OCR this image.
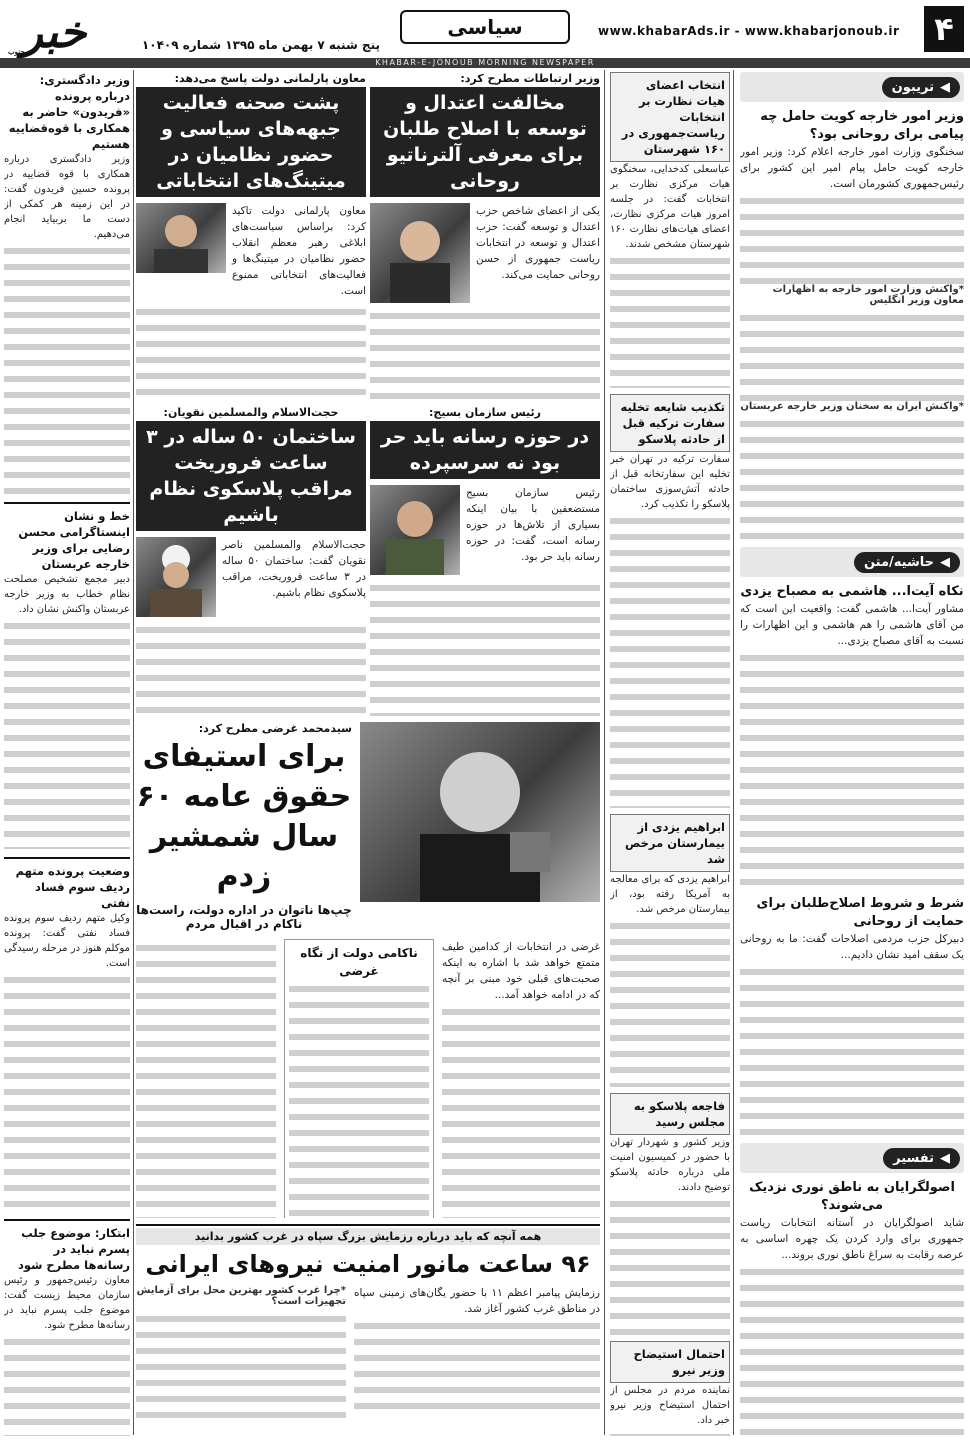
۴
www.khabarAds.ir - www.khabarjonoub.ir
سیاسی
پنج شنبه ۷ بهمن ماه ۱۳۹۵ شماره ۱۰۴۰۹
خبر
جنوب
KHABAR-E-JONOUB MORNING NEWSPAPER
◀
تریبون
وزیر امور خارجه کویت حامل چه پیامی برای روحانی بود؟
سخنگوی وزارت امور خارجه اعلام کرد: وزیر امور خارجه کویت حامل پیام امیر این کشور برای رئیس‌جمهوری کشورمان است.
*واکنش وزارت امور خارجه به اظهارات معاون وزیر انگلیس
*واکنش ایران به سخنان وزیر خارجه عربستان
◀
حاشیه/متن
نکاه آیت‌ا... هاشمی به مصباح یزدی
مشاور آیت‌ا... هاشمی گفت: واقعیت این است که من آقای هاشمی را هم هاشمی و این اظهارات را نسبت به آقای مصباح یزدی...
شرط و شروط اصلاح‌طلبان برای حمایت از روحانی
دبیرکل حزب مردمی اصلاحات گفت: ما به روحانی یک سقف امید نشان دادیم...
◀
تفسیر
اصولگرایان به ناطق نوری نزدیک می‌شوند؟
شاید اصولگرایان در آستانه انتخابات ریاست جمهوری برای وارد کردن یک چهره اساسی به عرصه رقابت به سراغ ناطق نوری بروند...
انتخاب اعضای هیات نظارت بر انتخابات ریاست‌جمهوری در ۱۶۰ شهرستان
عباسعلی کدخدایی، سخنگوی هیات مرکزی نظارت بر انتخابات گفت: در جلسه امروز هیات مرکزی نظارت، اعضای هیات‌های نظارت ۱۶۰ شهرستان مشخص شدند.
تکذیب شایعه تخلیه سفارت ترکیه قبل از حادثه پلاسکو
سفارت ترکیه در تهران خبر تخلیه این سفارتخانه قبل از حادثه آتش‌سوزی ساختمان پلاسکو را تکذیب کرد.
ابراهیم یزدی از بیمارستان مرخص شد
ابراهیم یزدی که برای معالجه به آمریکا رفته بود، از بیمارستان مرخص شد.
فاجعه پلاسکو به مجلس رسید
وزیر کشور و شهردار تهران با حضور در کمیسیون امنیت ملی درباره حادثه پلاسکو توضیح دادند.
احتمال استیضاح وزیر نیرو
نماینده مردم در مجلس از احتمال استیضاح وزیر نیرو خبر داد.
وزیر ارتباطات مطرح کرد:
مخالفت اعتدال و توسعه با اصلاح طلبان برای معرفی آلترناتیو روحانی
یکی از اعضای شاخص حزب اعتدال و توسعه گفت: حزب اعتدال و توسعه در انتخابات ریاست جمهوری از حسن روحانی حمایت می‌کند.
معاون پارلمانی دولت پاسخ می‌دهد:
پشت صحنه فعالیت جبهه‌های سیاسی و حضور نظامیان در میتینگ‌های انتخاباتی
معاون پارلمانی دولت تاکید کرد: براساس سیاست‌های ابلاغی رهبر معظم انقلاب حضور نظامیان در میتینگ‌ها و فعالیت‌های انتخاباتی ممنوع است.
رئیس سازمان بسیج:
در حوزه رسانه باید حر بود نه سرسپرده
رئیس سازمان بسیج مستضعفین با بیان اینکه بسیاری از تلاش‌ها در حوزه رسانه است، گفت: در حوزه رسانه باید حر بود.
حجت‌الاسلام والمسلمین نقویان:
ساختمان ۵۰ ساله در ۳ ساعت فروریخت مراقب پلاسکوی نظام باشیم
حجت‌الاسلام والمسلمین ناصر نقویان گفت: ساختمان ۵۰ ساله در ۳ ساعت فروریخت، مراقب پلاسکوی نظام باشیم.
سیدمحمد غرضی مطرح کرد:
برای استیفای حقوق عامه ۶۰ سال شمشیر زدم
چپ‌ها ناتوان در اداره دولت، راست‌ها ناکام در اقبال مردم
غرضی در انتخابات از کدامین طیف متمتع خواهد شد با اشاره به اینکه صحبت‌های قبلی خود مبنی بر آنچه که در ادامه خواهد آمد...
ناکامی دولت از نگاه غرضی
همه آنچه که باید درباره رزمایش بزرگ سپاه در غرب کشور بدانید
۹۶ ساعت مانور امنیت نیروهای ایرانی
رزمایش پیامبر اعظم ۱۱ با حضور یگان‌های زمینی سپاه در مناطق غرب کشور آغاز شد.
*چرا غرب کشور بهترین محل برای آزمایش تجهیزات است؟
وزیر دادگستری: درباره پرونده «فریدون» حاضر به همکاری با قوه‌قضاییه هستیم
وزیر دادگستری درباره همکاری با قوه قضاییه در پرونده حسین فریدون گفت: در این زمینه هر کمکی از دست ما بربیاید انجام می‌دهیم.
خط و نشان اینستاگرامی محسن رضایی برای وزیر خارجه عربستان
دبیر مجمع تشخیص مصلحت نظام خطاب به وزیر خارجه عربستان واکنش نشان داد.
وضعیت پرونده متهم ردیف سوم فساد نفتی
وکیل متهم ردیف سوم پرونده فساد نفتی گفت: پرونده موکلم هنوز در مرحله رسیدگی است.
ابتکار: موضوع جلب پسرم نباید در رسانه‌ها مطرح شود
معاون رئیس‌جمهور و رئیس سازمان محیط زیست گفت: موضوع جلب پسرم نباید در رسانه‌ها مطرح شود.
